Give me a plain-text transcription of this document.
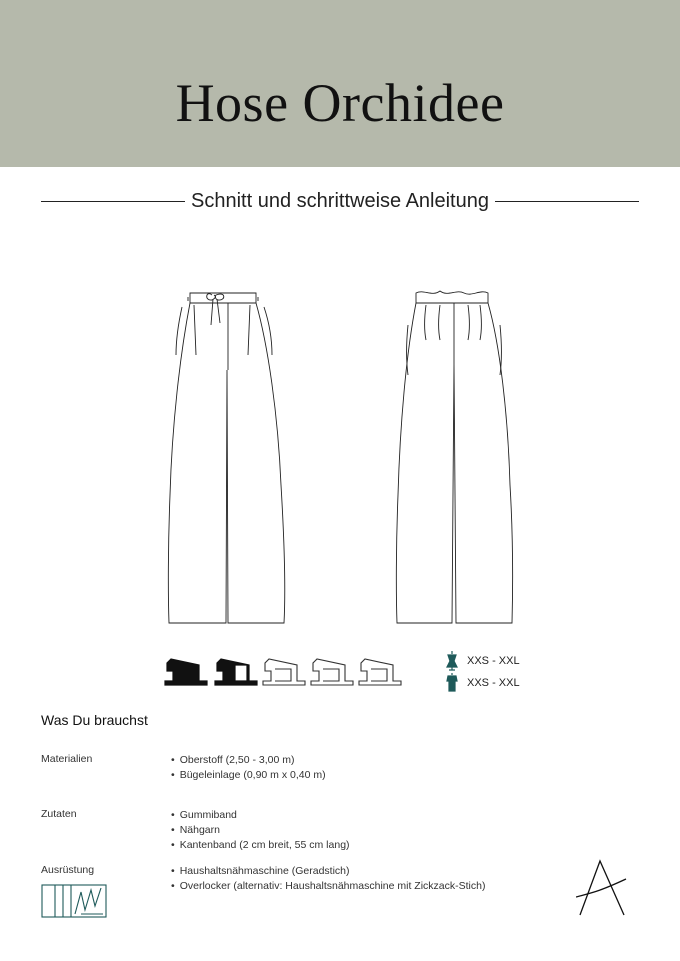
Hose Orchidee
Schnitt und schrittweise Anleitung
XXS - XXL
XXS - XXL
Was Du brauchst
Materialien	• Oberstoff (2,50 - 3,00 m)
• Bügeleinlage (0,90 m x 0,40 m)
Zutaten	• Gummiband
• Nähgarn
• Kantenband (2 cm breit, 55 cm lang)
Ausrüstung	• Haushaltsnähmaschine (Geradstich)
• Overlocker (alternativ: Haushaltsnähmaschine mit Zickzack-Stich)
